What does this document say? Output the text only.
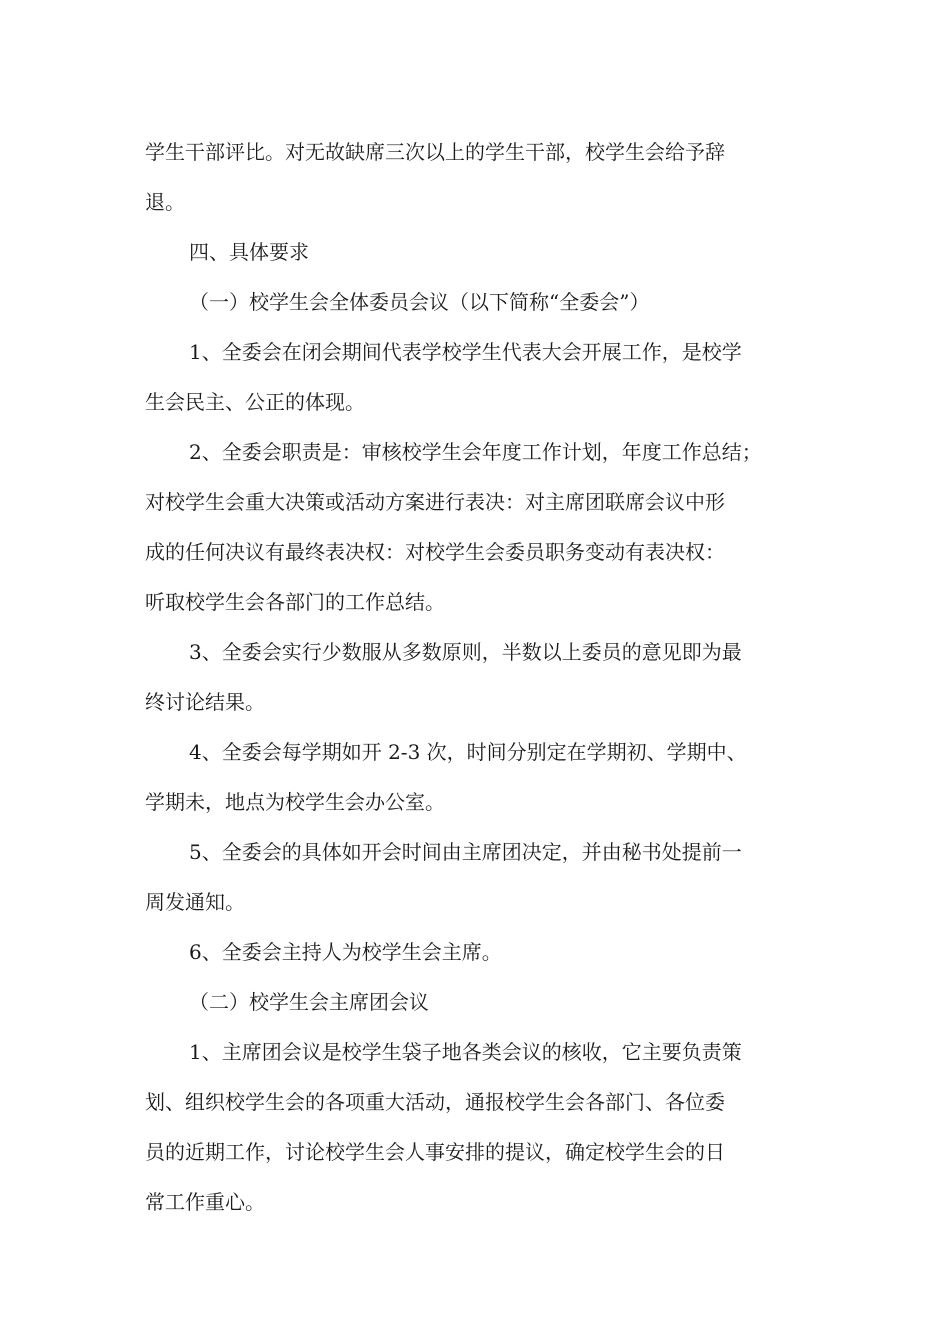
学生干部评比。对无故缺席三次以上的学生干部，校学生会给予辞
退。
四、具体要求
（一）校学生会全体委员会议（以下简称“全委会”）
1、全委会在闭会期间代表学校学生代表大会开展工作，是校学
生会民主、公正的体现。
2、全委会职责是：审核校学生会年度工作计划，年度工作总结；
对校学生会重大决策或活动方案进行表决：对主席团联席会议中形
成的任何决议有最终表决权：对校学生会委员职务变动有表决权：
听取校学生会各部门的工作总结。
3、全委会实行少数服从多数原则，半数以上委员的意见即为最
终讨论结果。
4、全委会每学期如开 2-3 次，时间分别定在学期初、学期中、
学期未，地点为校学生会办公室。
5、全委会的具体如开会时间由主席团决定，并由秘书处提前一
周发通知。
6、全委会主持人为校学生会主席。
（二）校学生会主席团会议
1、主席团会议是校学生袋子地各类会议的核收，它主要负责策
划、组织校学生会的各项重大活动，通报校学生会各部门、各位委
员的近期工作，讨论校学生会人事安排的提议，确定校学生会的日
常工作重心。
